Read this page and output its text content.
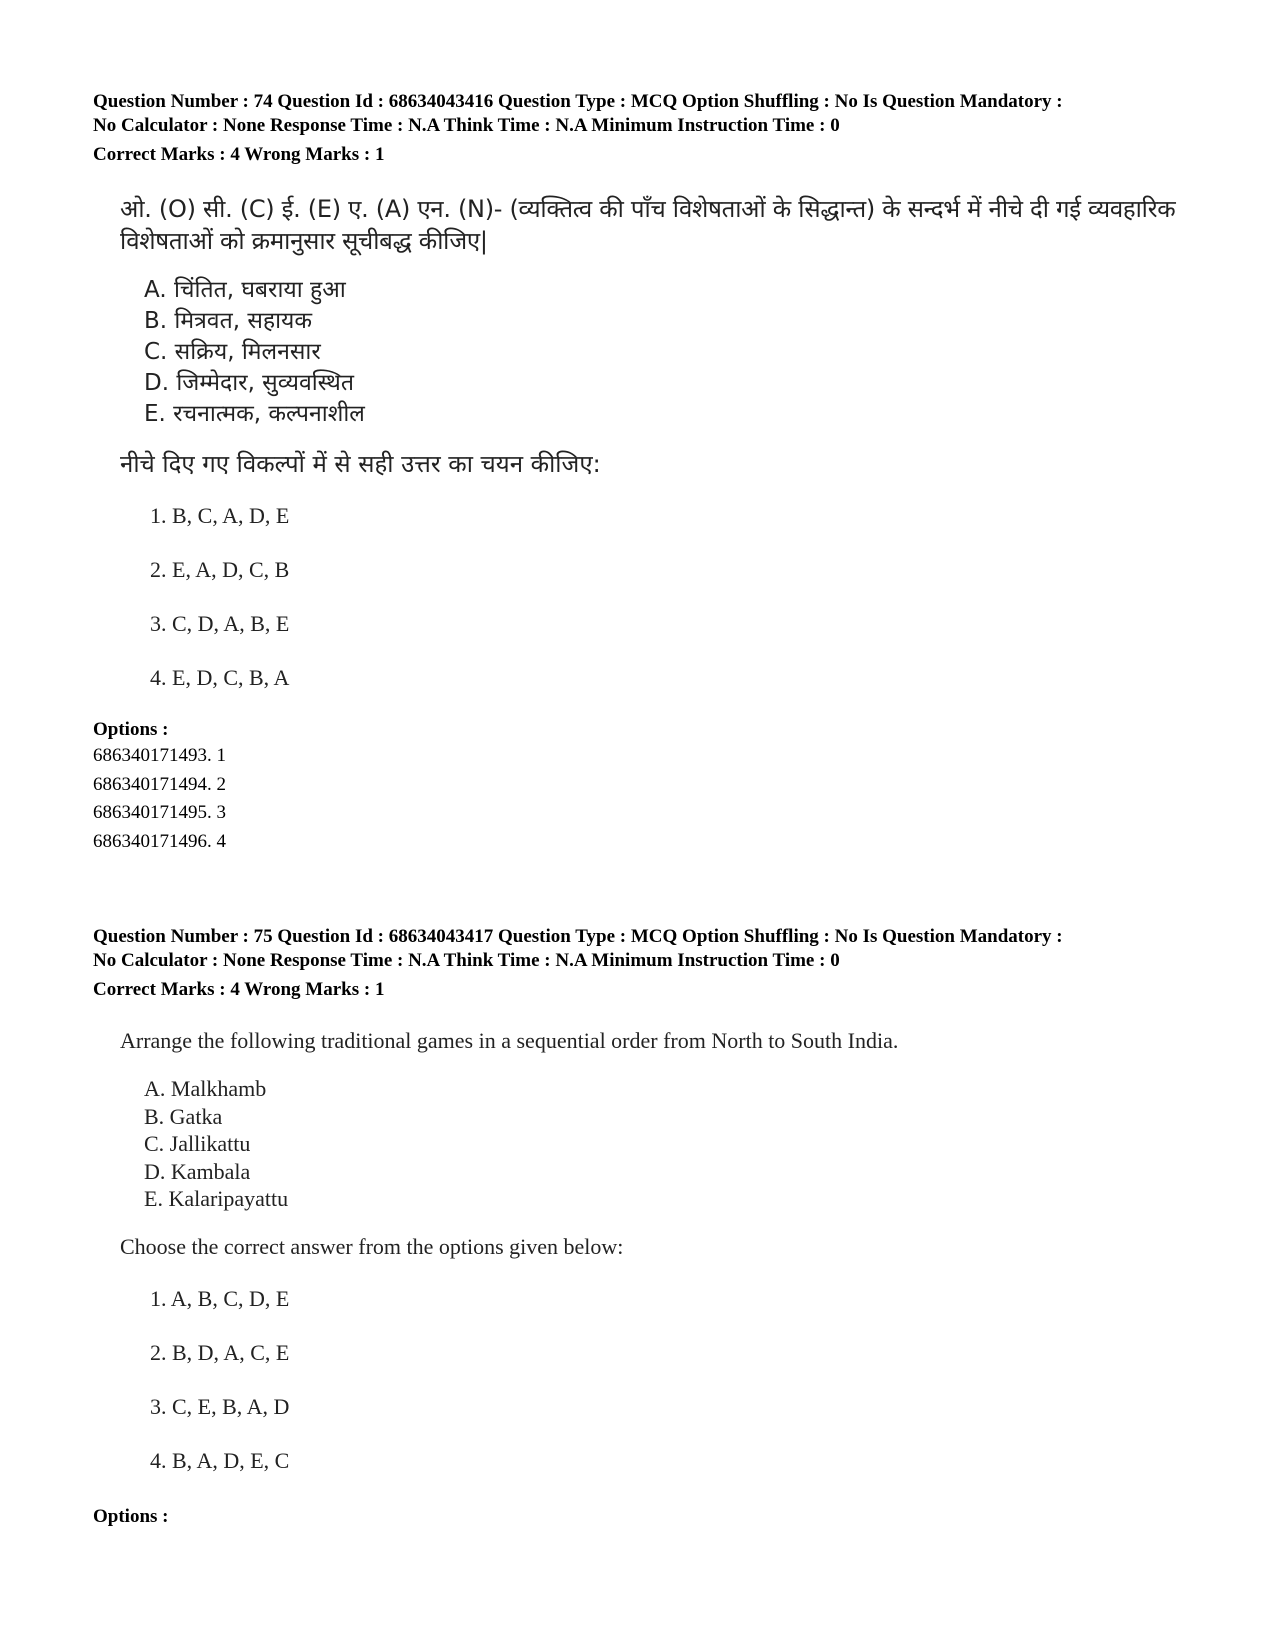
Question Number : 74 Question Id : 68634043416 Question Type : MCQ Option Shuffling : No Is Question Mandatory :

No Calculator : None Response Time : N.A Think Time : N.A Minimum Instruction Time : 0

Correct Marks : 4 Wrong Marks : 1

ओ. (O) सी. (C) ई. (E) ए. (A) एन. (N)- (व्यक्तित्व की पाँच विशेषताओं के सिद्धान्त) के सन्दर्भ में नीचे दी गई व्यवहारिक

विशेषताओं को क्रमानुसार सूचीबद्ध कीजिए|

A. चिंतित, घबराया हुआ
B. मित्रवत, सहायक
C. सक्रिय, मिलनसार
D. जिम्मेदार, सुव्यवस्थित
E. रचनात्मक, कल्पनाशील

नीचे दिए गए विकल्पों में से सही उत्तर का चयन कीजिए:

1. B, C, A, D, E
2. E, A, D, C, B
3. C, D, A, B, E
4. E, D, C, B, A

Options :

686340171493. 1

686340171494. 2

686340171495. 3

686340171496. 4

Question Number : 75 Question Id : 68634043417 Question Type : MCQ Option Shuffling : No Is Question Mandatory :

No Calculator : None Response Time : N.A Think Time : N.A Minimum Instruction Time : 0

Correct Marks : 4 Wrong Marks : 1

Arrange the following traditional games in a sequential order from North to South India.

A. Malkhamb
B. Gatka
C. Jallikattu
D. Kambala
E. Kalaripayattu

Choose the correct answer from the options given below:

1. A, B, C, D, E
2. B, D, A, C, E
3. C, E, B, A, D
4. B, A, D, E, C

Options :
